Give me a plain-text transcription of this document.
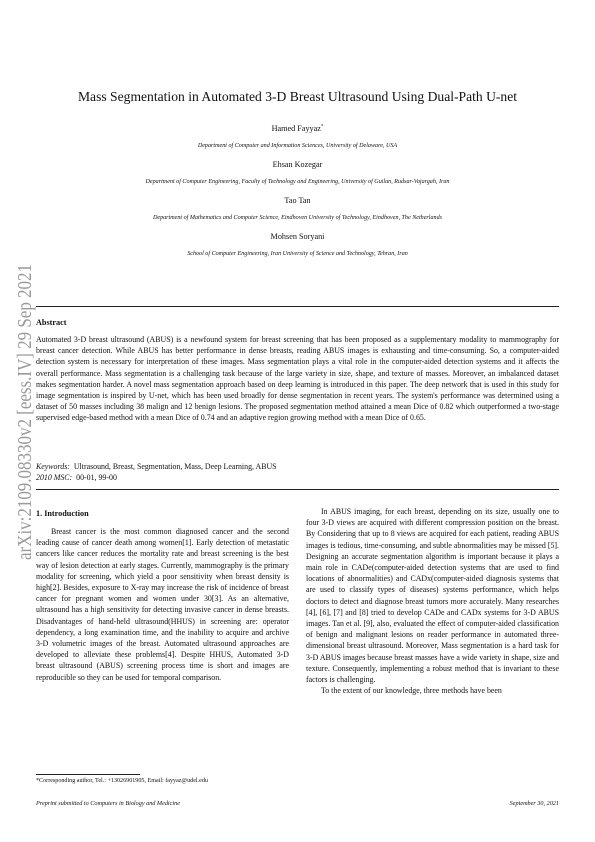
arXiv:2109.08330v2 [eess.IV] 29 Sep 2021
Mass Segmentation in Automated 3-D Breast Ultrasound Using Dual-Path U-net
Hamed Fayyaz*
Department of Computer and Information Sciences, University of Delaware, USA
Ehsan Kozegar
Department of Computer Engineering, Faculty of Technology and Engineering, University of Guilan, Rudsar-Vajargah, Iran
Tao Tan
Department of Mathematics and Computer Science, Eindhoven University of Technology, Eindhoven, The Netherlands
Mohsen Soryani
School of Computer Engineering, Iran University of Science and Technology, Tehran, Iran
Abstract
Automated 3-D breast ultrasound (ABUS) is a newfound system for breast screening that has been proposed as a supplementary modality to mammography for breast cancer detection. While ABUS has better performance in dense breasts, reading ABUS images is exhausting and time-consuming. So, a computer-aided detection system is necessary for interpretation of these images. Mass segmentation plays a vital role in the computer-aided detection systems and it affects the overall performance. Mass segmentation is a challenging task because of the large variety in size, shape, and texture of masses. Moreover, an imbalanced dataset makes segmentation harder. A novel mass segmentation approach based on deep learning is introduced in this paper. The deep network that is used in this study for image segmentation is inspired by U-net, which has been used broadly for dense segmentation in recent years. The system's performance was determined using a dataset of 50 masses including 38 malign and 12 benign lesions. The proposed segmentation method attained a mean Dice of 0.82 which outperformed a two-stage supervised edge-based method with a mean Dice of 0.74 and an adaptive region growing method with a mean Dice of 0.65.
Keywords: Ultrasound, Breast, Segmentation, Mass, Deep Learning, ABUS
2010 MSC: 00-01, 99-00
1. Introduction

Breast cancer is the most common diagnosed cancer and the second leading cause of cancer death among women[1]. Early detection of metastatic cancers like cancer reduces the mortality rate and breast screening is the best way of lesion detection at early stages. Currently, mammography is the primary modality for screening, which yield a poor sensitivity when breast density is high[2]. Besides, exposure to X-ray may increase the risk of incidence of breast cancer for pregnant women and women under 30[3]. As an alternative, ultrasound has a high sensitivity for detecting invasive cancer in dense breasts. Disadvantages of hand-held ultrasound(HHUS) in screening are: operator dependency, a long examination time, and the inability to acquire and archive 3-D volumetric images of the breast. Automated ultrasound approaches are developed to alleviate these problems[4]. Despite HHUS, Automated 3-D breast ultrasound (ABUS) screening process time is short and images are reproducible so they can be used for temporal comparison.

In ABUS imaging, for each breast, depending on its size, usually one to four 3-D views are acquired with different compression position on the breast. By Considering that up to 8 views are acquired for each patient, reading ABUS images is tedious, time-consuming, and subtle abnormalities may be missed [5]. Designing an accurate segmentation algorithm is important because it plays a main role in CADe(computer-aided detection systems that are used to find locations of abnormalities) and CADx(computer-aided diagnosis systems that are used to classify types of diseases) systems performance, which helps doctors to detect and diagnose breast tumors more accurately. Many researches [4], [6], [7] and [8] tried to develop CADe and CADx systems for 3-D ABUS images. Tan et al. [9], also, evaluated the effect of computer-aided classification of benign and malignant lesions on reader performance in automated three-dimensional breast ultrasound. Moreover, Mass segmentation is a hard task for 3-D ABUS images because breast masses have a wide variety in shape, size and texture. Consequently, implementing a robust method that is invariant to these factors is challenging.

To the extent of our knowledge, three methods have been

*Corresponding author, Tel.: +13026901905, Email: fayyaz@udel.edu
Preprint submitted to Computers in Biology and Medicine	September 30, 2021
